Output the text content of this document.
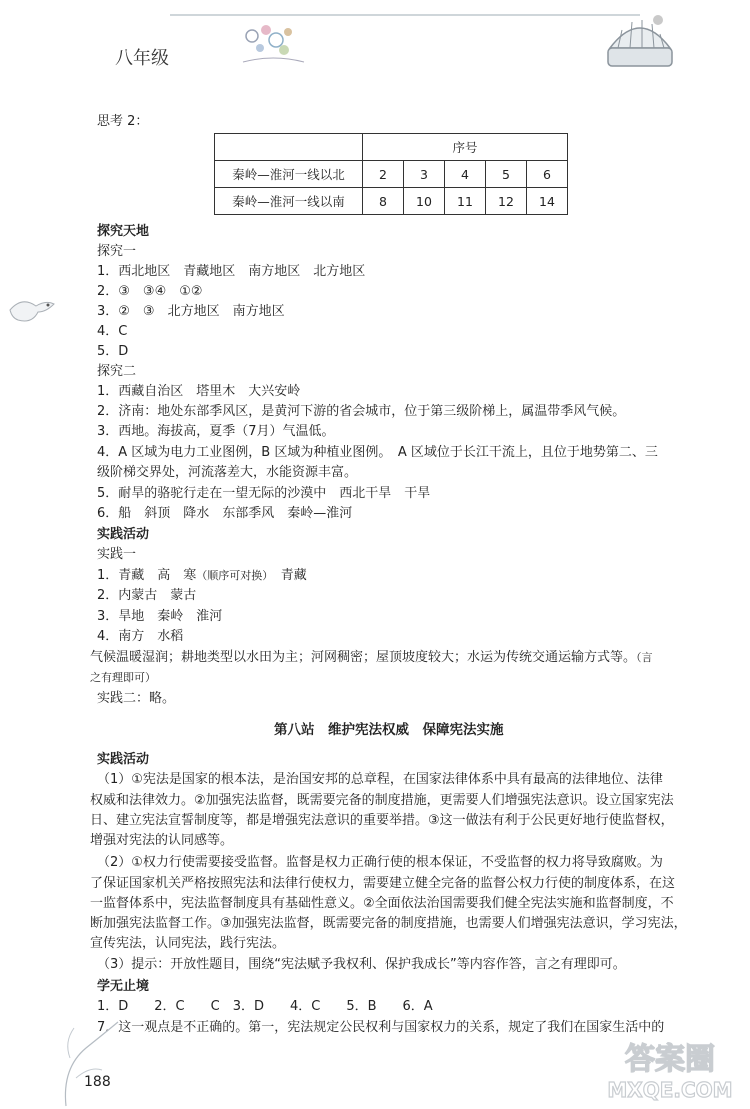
八年级
思考 2：
	序号				
秦岭—淮河一线以北	2	3	4	5	6
秦岭—淮河一线以南	8	10	11	12	14
探究天地
探究一
1．西北地区　青藏地区　南方地区　北方地区
2．③　③④　①②
3．②　③　北方地区　南方地区
4．C
5．D
探究二
1．西藏自治区　塔里木　大兴安岭
2．济南：地处东部季风区，是黄河下游的省会城市，位于第三级阶梯上，属温带季风气候。
3．西地。海拔高，夏季（7月）气温低。
4．A 区域为电力工业图例，B 区域为种植业图例。　A 区域位于长江干流上，且位于地势第二、三
级阶梯交界处，河流落差大，水能资源丰富。
5．耐旱的骆驼行走在一望无际的沙漠中　西北干旱　干旱
6．船　斜顶　降水　东部季风　秦岭—淮河
实践活动
实践一
1．青藏　高　寒（顺序可对换）　青藏
2．内蒙古　蒙古
3．旱地　秦岭　淮河
4．南方　水稻
气候温暖湿润；耕地类型以水田为主；河网稠密；屋顶坡度较大；水运为传统交通运输方式等。（言
之有理即可）
实践二：略。
第八站　维护宪法权威　保障宪法实施
实践活动
（1）①宪法是国家的根本法，是治国安邦的总章程，在国家法律体系中具有最高的法律地位、法律
权威和法律效力。②加强宪法监督，既需要完备的制度措施，更需要人们增强宪法意识。设立国家宪法
日、建立宪法宣誓制度等，都是增强宪法意识的重要举措。③这一做法有利于公民更好地行使监督权，
增强对宪法的认同感等。
（2）①权力行使需要接受监督。监督是权力正确行使的根本保证，不受监督的权力将导致腐败。为
了保证国家机关严格按照宪法和法律行使权力，需要建立健全完备的监督公权力行使的制度体系，在这
一监督体系中，宪法监督制度具有基础性意义。②全面依法治国需要我们健全宪法实施和监督制度，不
断加强宪法监督工作。③加强宪法监督，既需要完备的制度措施，也需要人们增强宪法意识，学习宪法，
宣传宪法，认同宪法，践行宪法。
（3）提示：开放性题目，围绕“宪法赋予我权利、保护我成长”等内容作答，言之有理即可。
学无止境
1．D　　2．C　　C　3．D　　4．C　　5．B　　6．A
7．这一观点是不正确的。第一，宪法规定公民权利与国家权力的关系，规定了我们在国家生活中的
188
答案圈
MXQE.COM
